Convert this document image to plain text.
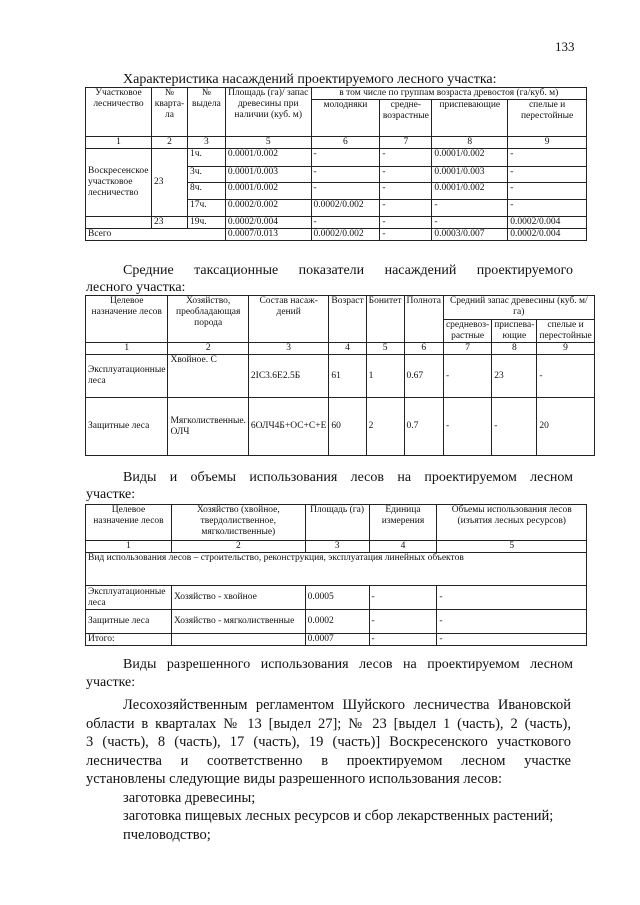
133
Характеристика насаждений проектируемого лесного участка:
Участковое лесничество	№ кварта-ла	№ выдела	Площадь (га)/ запас древесины при наличии (куб. м)	в том числе по группам возраста древостоя (га/куб. м)			
				молодняки	средне-возрастные	приспевающие	спелые и перестойные
1	2	3	5	6	7	8	9
Воскресенское участковое лесничество	23	1ч.	0.0001/0.002	-	-	0.0001/0.002	-
		3ч.	0.0001/0.003	-	-	0.0001/0.003	-
		8ч.	0.0001/0.002	-	-	0.0001/0.002	-
		17ч.	0.0002/0.002	0.0002/0.002	-	-	-
	23	19ч.	0.0002/0.004	-	-	-	0.0002/0.004
Всего			0.0007/0.013	0.0002/0.002	-	0.0003/0.007	0.0002/0.004
Средние таксационные показатели насаждений проектируемого
лесного участка:
Целевое назначение лесов	Хозяйство, преобладающая порода	Состав насаж-дений	Возраст	Бонитет	Полнота	Средний запас древесины (куб. м/га)		
						средневоз-растные	приспева-ющие	спелые и перестойные
1	2	3	4	5	6	7	8	9
Эксплуатационные леса	Хвойное. С	2ІС3.6Е2.5Б	61	1	0.67	-	23	-
Защитные леса	Мягколиственные. ОЛЧ	6ОЛЧ4Б+ОС+С+Е	60	2	0.7	-	-	20
Виды и объемы использования лесов на проектируемом лесном
участке:
Целевое назначение лесов	Хозяйство (хвойное, твердолиственное, мягколиственные)	Площадь (га)	Единица измерения	Объемы использования лесов (изъятия лесных ресурсов)
1	2	3	4	5
Вид использования лесов – строительство, реконструкция, эксплуатация линейных объектов				
Эксплуатационные леса	Хозяйство - хвойное	0.0005	-	-
Защитные леса	Хозяйство - мягколиственные	0.0002	-	-
Итого:		0.0007	-	-
Виды разрешенного использования лесов на проектируемом лесном
участке:
Лесохозяйственным регламентом Шуйского лесничества Ивановской
области в кварталах № 13 [выдел 27]; № 23 [выдел 1 (часть), 2 (часть),
3 (часть), 8 (часть), 17 (часть), 19 (часть)] Воскресенского участкового
лесничества и соответственно в проектируемом лесном участке
установлены следующие виды разрешенного использования лесов:
заготовка древесины;
заготовка пищевых лесных ресурсов и сбор лекарственных растений;
пчеловодство;
